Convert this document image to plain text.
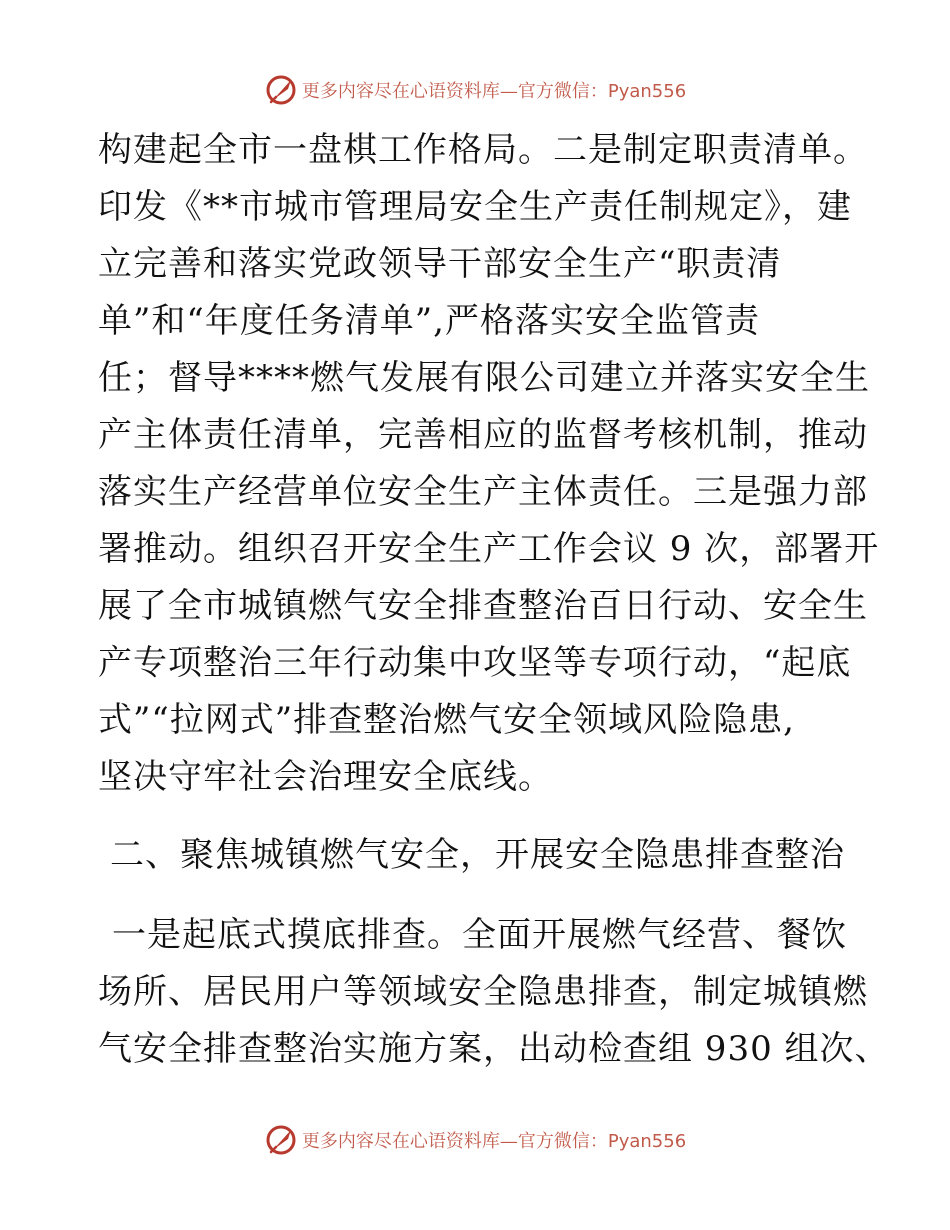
更多内容尽在心语资料库—官方微信：Pyan556
构建起全市一盘棋工作格局。二是制定职责清单。
印发《**市城市管理局安全生产责任制规定》，建
立完善和落实党政领导干部安全生产“职责清
单”和“年度任务清单”,严格落实安全监管责
任；督导****燃气发展有限公司建立并落实安全生
产主体责任清单，完善相应的监督考核机制，推动
落实生产经营单位安全生产主体责任。三是强力部
署推动。组织召开安全生产工作会议 9 次，部署开
展了全市城镇燃气安全排查整治百日行动、安全生
产专项整治三年行动集中攻坚等专项行动，“起底
式”“拉网式”排查整治燃气安全领域风险隐患,
坚决守牢社会治理安全底线。
二、聚焦城镇燃气安全，开展安全隐患排查整治
一是起底式摸底排查。全面开展燃气经营、餐饮
场所、居民用户等领域安全隐患排查，制定城镇燃
气安全排查整治实施方案，出动检查组 930 组次、
更多内容尽在心语资料库—官方微信：Pyan556
